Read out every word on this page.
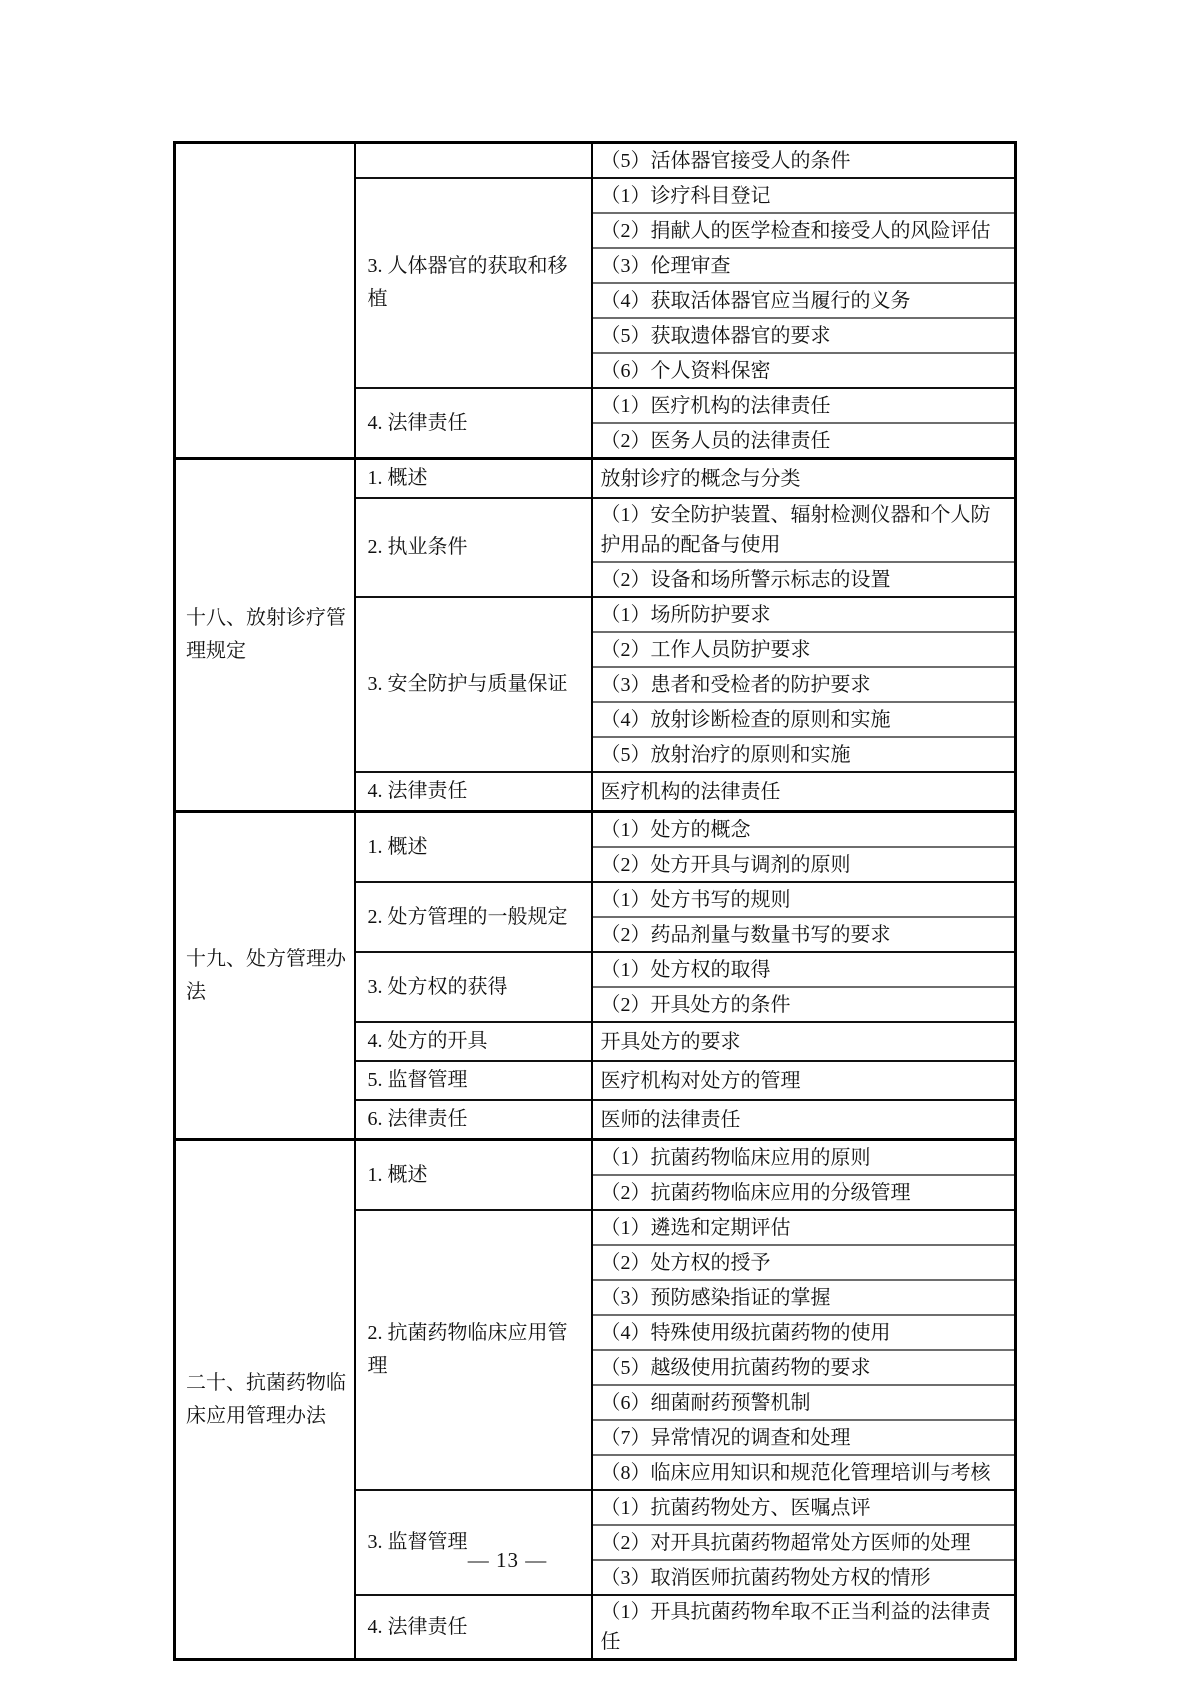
		（5）活体器官接受人的条件
	3. 人体器官的获取和移植	（1）诊疗科目登记
		（2）捐献人的医学检查和接受人的风险评估
		（3）伦理审查
		（4）获取活体器官应当履行的义务
		（5）获取遗体器官的要求
		（6）个人资料保密
	4. 法律责任	（1）医疗机构的法律责任
		（2）医务人员的法律责任
十八、放射诊疗管理规定	1. 概述	放射诊疗的概念与分类
	2. 执业条件	（1）安全防护装置、辐射检测仪器和个人防护用品的配备与使用
		（2）设备和场所警示标志的设置
	3. 安全防护与质量保证	（1）场所防护要求
		（2）工作人员防护要求
		（3）患者和受检者的防护要求
		（4）放射诊断检查的原则和实施
		（5）放射治疗的原则和实施
	4. 法律责任	医疗机构的法律责任
十九、处方管理办法	1. 概述	（1）处方的概念
		（2）处方开具与调剂的原则
	2. 处方管理的一般规定	（1）处方书写的规则
		（2）药品剂量与数量书写的要求
	3. 处方权的获得	（1）处方权的取得
		（2）开具处方的条件
	4. 处方的开具	开具处方的要求
	5. 监督管理	医疗机构对处方的管理
	6. 法律责任	医师的法律责任
二十、抗菌药物临床应用管理办法	1. 概述	（1）抗菌药物临床应用的原则
		（2）抗菌药物临床应用的分级管理
	2. 抗菌药物临床应用管理	（1）遴选和定期评估
		（2）处方权的授予
		（3）预防感染指证的掌握
		（4）特殊使用级抗菌药物的使用
		（5）越级使用抗菌药物的要求
		（6）细菌耐药预警机制
		（7）异常情况的调查和处理
		（8）临床应用知识和规范化管理培训与考核
	3. 监督管理	（1）抗菌药物处方、医嘱点评
		（2）对开具抗菌药物超常处方医师的处理
		（3）取消医师抗菌药物处方权的情形
	4. 法律责任	（1）开具抗菌药物牟取不正当利益的法律责任
— 13 —
